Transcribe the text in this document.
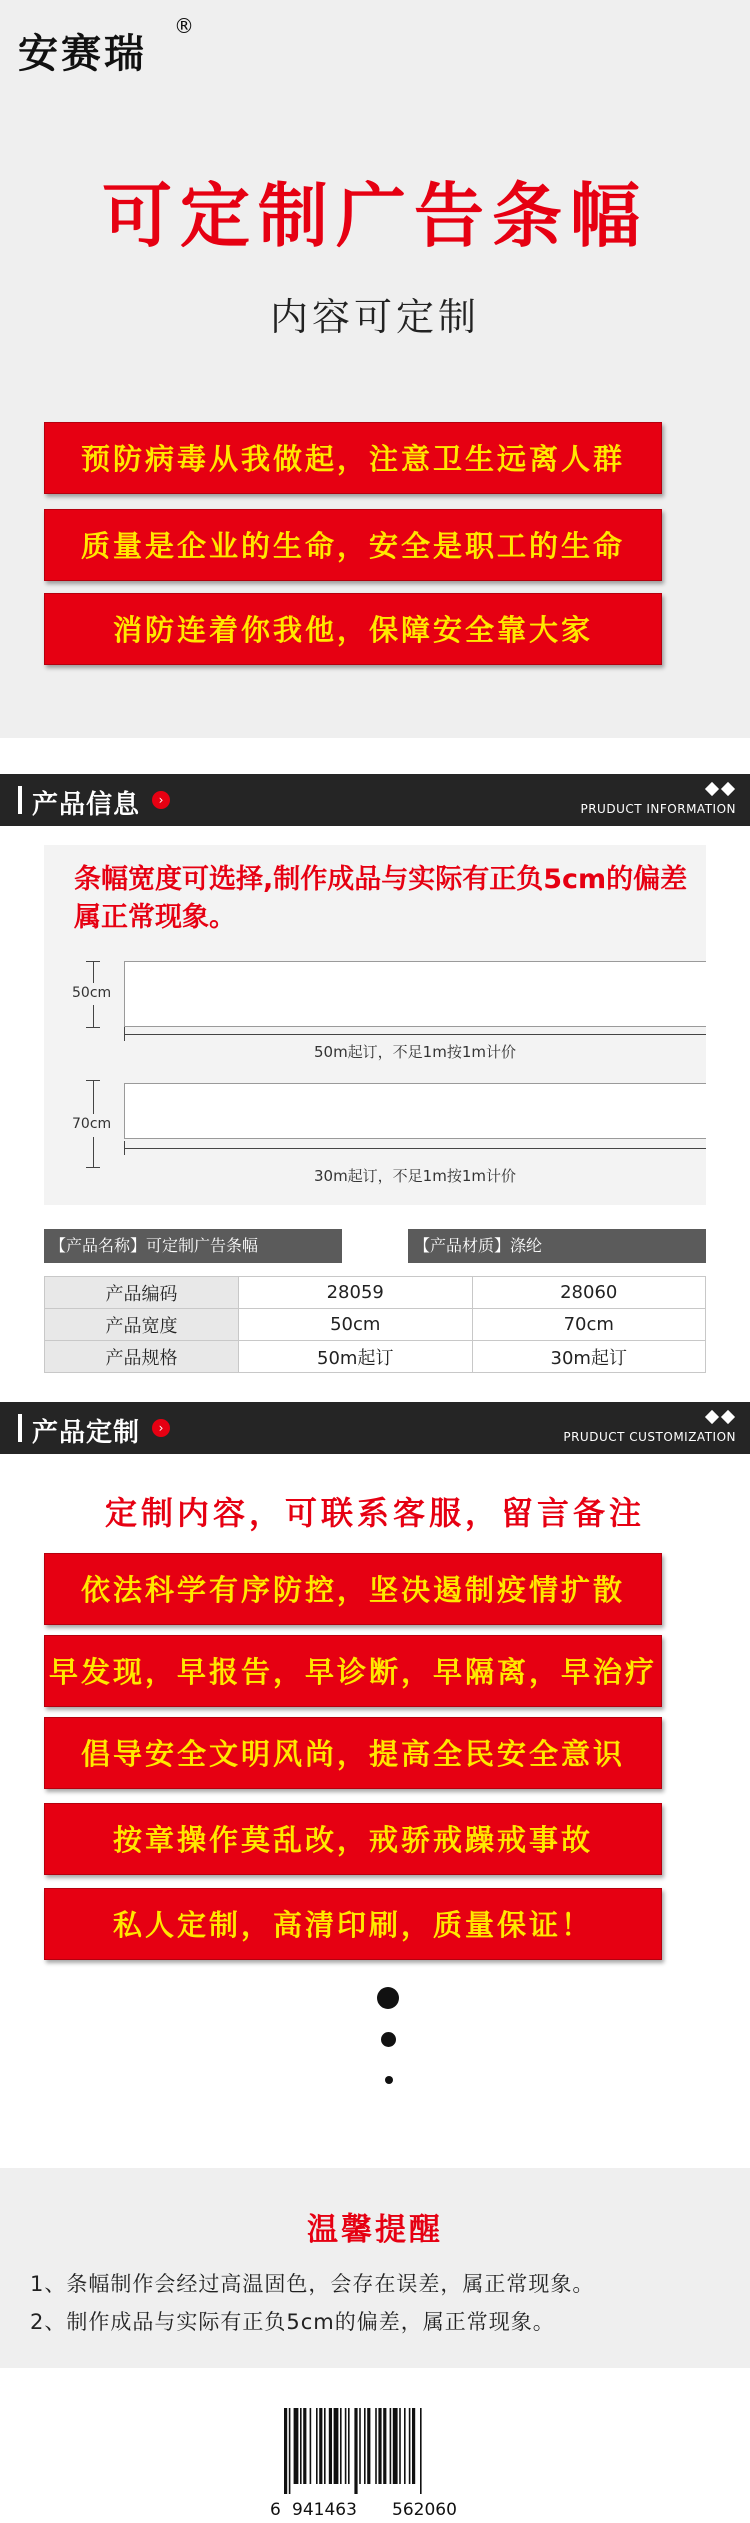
安赛瑞
®
可定制广告条幅
内容可定制
预防病毒从我做起，注意卫生远离人群
质量是企业的生命，安全是职工的生命
消防连着你我他，保障安全靠大家
产品信息	›
PRUDUCT INFORMATION
条幅宽度可选择,制作成品与实际有正负5cm的偏差属正常现象。
50cm
50m起订，不足1m按1m计价
70cm
30m起订，不足1m按1m计价
【产品名称】可定制广告条幅	【产品材质】涤纶
产品编码	28059	28060
产品宽度	50cm	70cm
产品规格	50m起订	30m起订
产品定制	›
PRUDUCT CUSTOMIZATION
定制内容，可联系客服，留言备注
依法科学有序防控，坚决遏制疫情扩散
早发现，早报告，早诊断，早隔离，早治疗
倡导安全文明风尚，提高全民安全意识
按章操作莫乱改，戒骄戒躁戒事故
私人定制，高清印刷，质量保证！
温馨提醒
1、条幅制作会经过高温固色，会存在误差，属正常现象。
2、制作成品与实际有正负5cm的偏差，属正常现象。
6 941463 562060
